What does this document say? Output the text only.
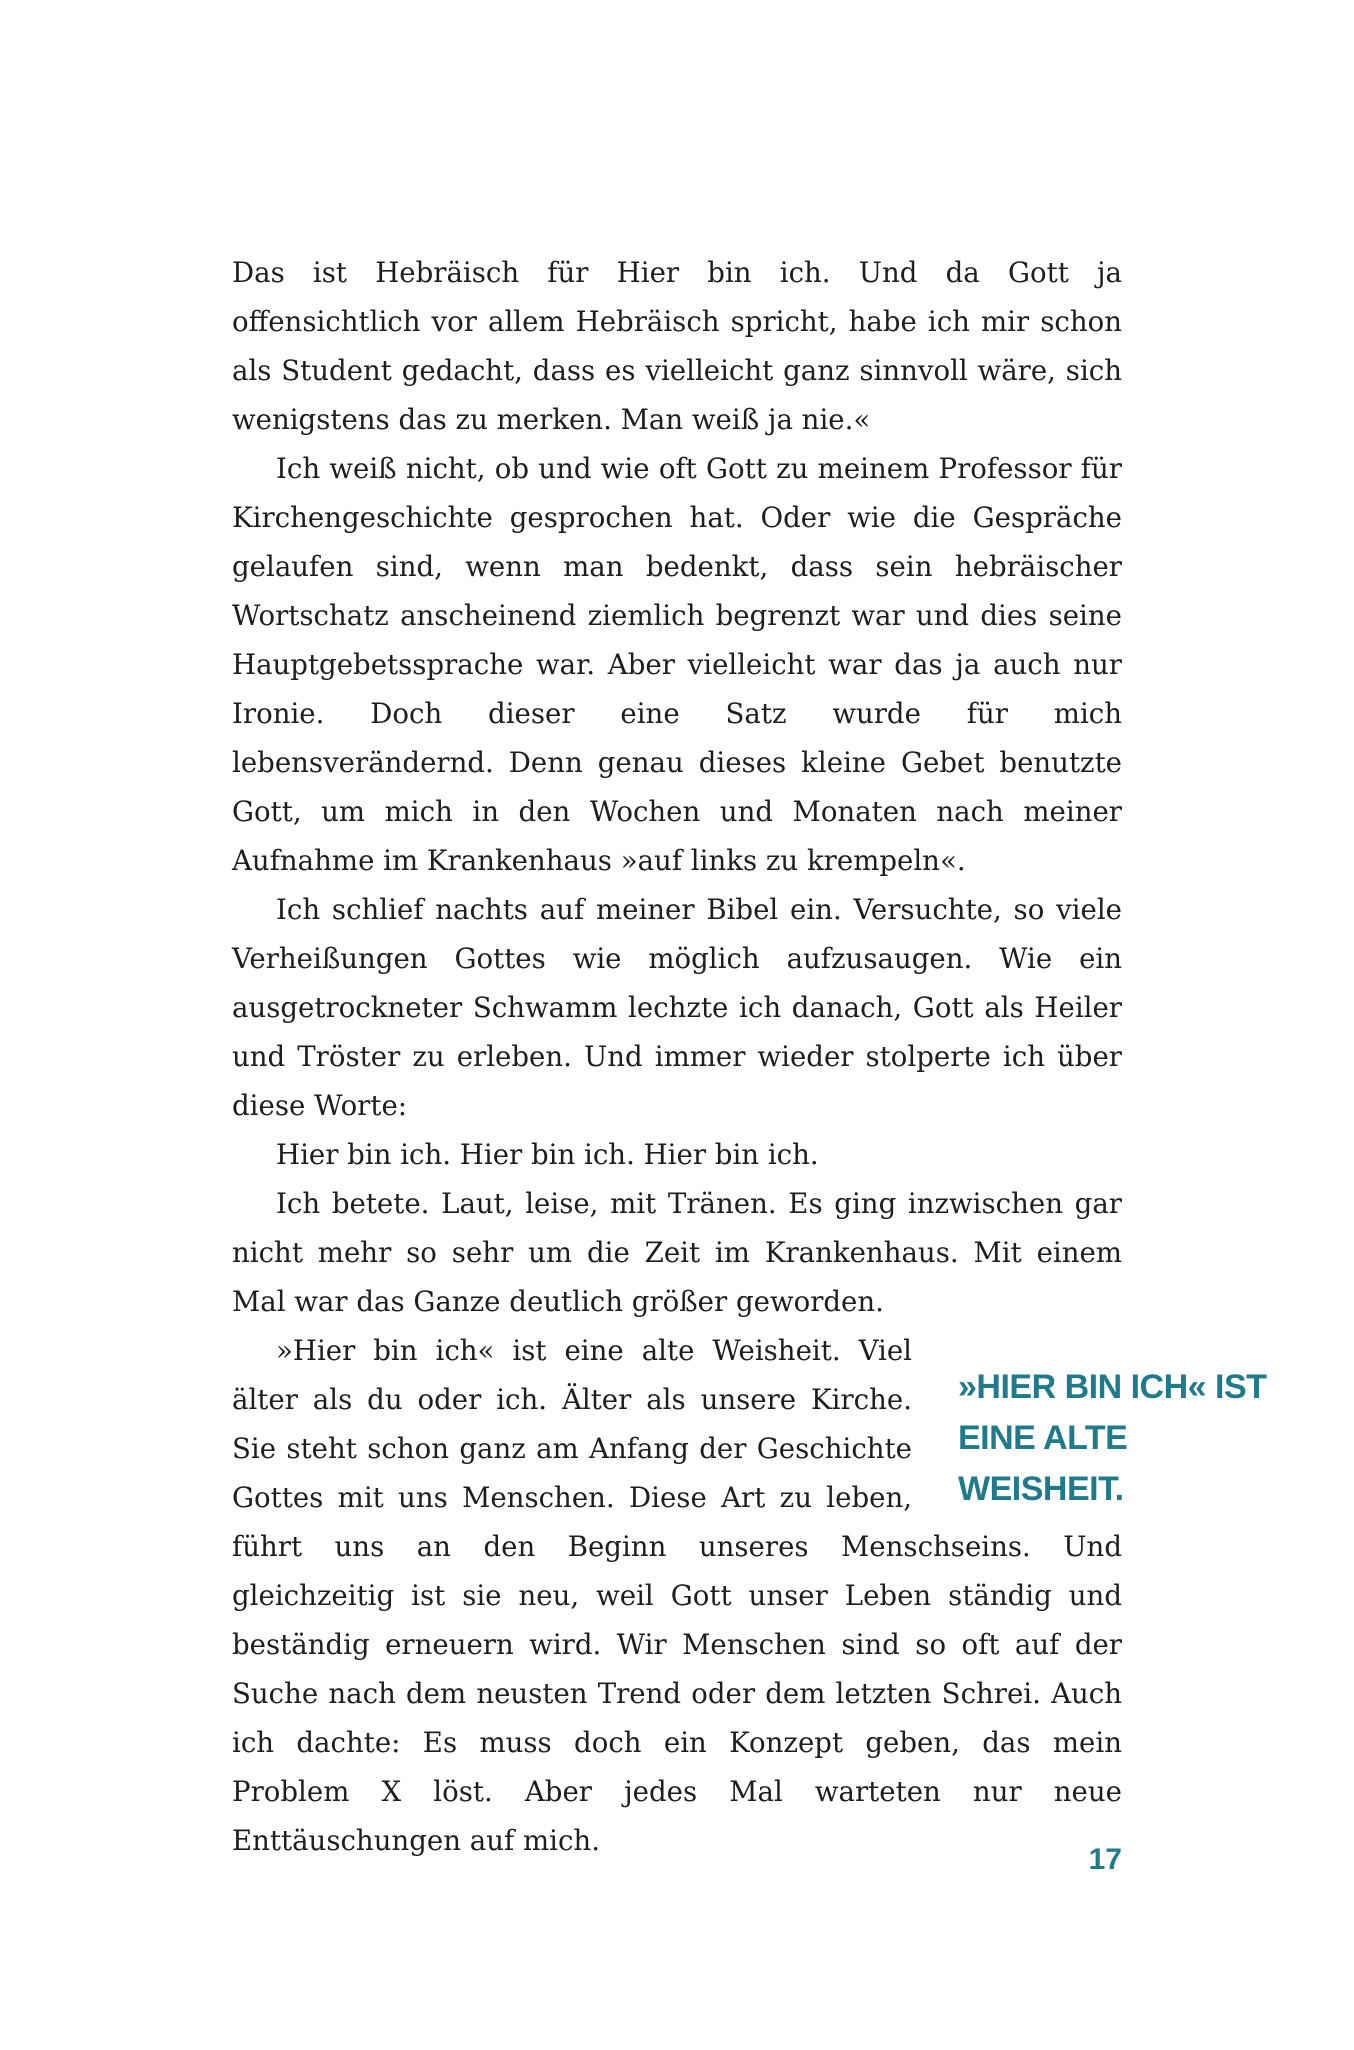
Das ist Hebräisch für Hier bin ich. Und da Gott ja offensichtlich vor allem Hebräisch spricht, habe ich mir schon als Student gedacht, dass es vielleicht ganz sinnvoll wäre, sich wenigstens das zu merken. Man weiß ja nie.«

Ich weiß nicht, ob und wie oft Gott zu meinem Professor für Kirchengeschichte gesprochen hat. Oder wie die Gespräche gelaufen sind, wenn man bedenkt, dass sein hebräischer Wortschatz anscheinend ziemlich begrenzt war und dies seine Hauptgebetssprache war. Aber vielleicht war das ja auch nur Ironie. Doch dieser eine Satz wurde für mich lebensverändernd. Denn genau dieses kleine Gebet benutzte Gott, um mich in den Wochen und Monaten nach meiner Aufnahme im Krankenhaus »auf links zu krempeln«.

Ich schlief nachts auf meiner Bibel ein. Versuchte, so viele Verheißungen Gottes wie möglich aufzusaugen. Wie ein ausgetrockneter Schwamm lechzte ich danach, Gott als Heiler und Tröster zu erleben. Und immer wieder stolperte ich über diese Worte:

Hier bin ich. Hier bin ich. Hier bin ich.

Ich betete. Laut, leise, mit Tränen. Es ging inzwischen gar nicht mehr so sehr um die Zeit im Krankenhaus. Mit einem Mal war das Ganze deutlich größer geworden.

»Hier bin ich« ist eine alte Weisheit. Viel älter als du oder ich. Älter als unsere Kirche. Sie steht schon ganz am Anfang der Geschichte Gottes mit uns Menschen. Diese Art zu leben, führt uns an den Beginn unseres Menschseins. Und gleichzeitig ist sie neu, weil Gott unser Leben ständig und beständig erneuern wird. Wir Menschen sind so oft auf der Suche nach dem neusten Trend oder dem letzten Schrei. Auch ich dachte: Es muss doch ein Konzept geben, das mein Problem X löst. Aber jedes Mal warteten nur neue Enttäuschungen auf mich.

»HIER BIN ICH« IST
EINE ALTE WEISHEIT.
17
